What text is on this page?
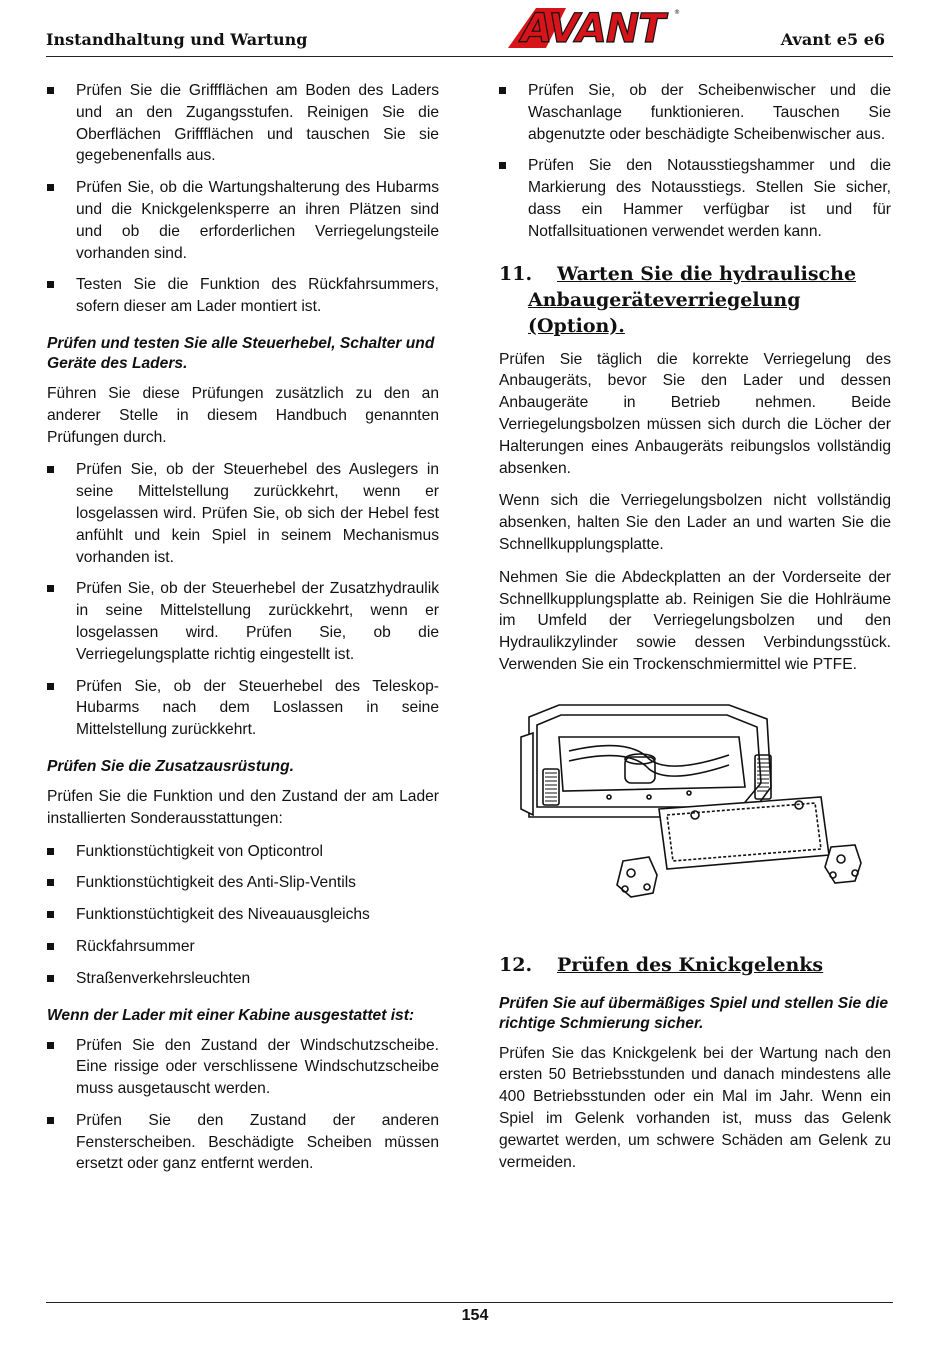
Instandhaltung und Wartung	AVANT	®
Avant e5 e6
Prüfen Sie die Griffflächen am Boden des Laders und an den Zugangsstufen. Reinigen Sie die Oberflächen Griffflächen und tauschen Sie sie gegebenenfalls aus.
Prüfen Sie, ob die Wartungshalterung des Hubarms und die Knickgelenksperre an ihren Plätzen sind und ob die erforderlichen Verriegelungsteile vorhanden sind.
Testen Sie die Funktion des Rückfahrsummers, sofern dieser am Lader montiert ist.
Prüfen und testen Sie alle Steuerhebel, Schalter und Geräte des Laders.

Führen Sie diese Prüfungen zusätzlich zu den an anderer Stelle in diesem Handbuch genannten Prüfungen durch.

Prüfen Sie, ob der Steuerhebel des Auslegers in seine Mittelstellung zurückkehrt, wenn er losgelassen wird. Prüfen Sie, ob sich der Hebel fest anfühlt und kein Spiel in seinem Mechanismus vorhanden ist.
Prüfen Sie, ob der Steuerhebel der Zusatzhydraulik in seine Mittelstellung zurückkehrt, wenn er losgelassen wird. Prüfen Sie, ob die Verriegelungsplatte richtig eingestellt ist.
Prüfen Sie, ob der Steuerhebel des Teleskop-Hubarms nach dem Loslassen in seine Mittelstellung zurückkehrt.
Prüfen Sie die Zusatzausrüstung.

Prüfen Sie die Funktion und den Zustand der am Lader installierten Sonderausstattungen:

Funktionstüchtigkeit von Opticontrol
Funktionstüchtigkeit des Anti-Slip-Ventils
Funktionstüchtigkeit des Niveauausgleichs
Rückfahrsummer
Straßenverkehrsleuchten
Wenn der Lader mit einer Kabine ausgestattet ist:
Prüfen Sie den Zustand der Windschutzscheibe. Eine rissige oder verschlissene Windschutzscheibe muss ausgetauscht werden.
Prüfen Sie den Zustand der anderen Fensterscheiben. Beschädigte Scheiben müssen ersetzt oder ganz entfernt werden.
Prüfen Sie, ob der Scheibenwischer und die Waschanlage funktionieren. Tauschen Sie abgenutzte oder beschädigte Scheibenwischer aus.
Prüfen Sie den Notausstiegshammer und die Markierung des Notausstiegs. Stellen Sie sicher, dass ein Hammer verfügbar ist und für Notfallsituationen verwendet werden kann.
11.	Warten Sie die hydraulische
Anbaugeräteverriegelung (Option).

Prüfen Sie täglich die korrekte Verriegelung des Anbaugeräts, bevor Sie den Lader und dessen Anbaugeräte in Betrieb nehmen. Beide Verriegelungsbolzen müssen sich durch die Löcher der Halterungen eines Anbaugeräts reibungslos vollständig absenken.

Wenn sich die Verriegelungsbolzen nicht vollständig absenken, halten Sie den Lader an und warten Sie die Schnellkupplungsplatte.

Nehmen Sie die Abdeckplatten an der Vorderseite der Schnellkupplungsplatte ab. Reinigen Sie die Hohlräume im Umfeld der Verriegelungsbolzen und den Hydraulikzylinder sowie dessen Verbindungsstück. Verwenden Sie ein Trockenschmiermittel wie PTFE.

12.	Prüfen des Knickgelenks
Prüfen Sie auf übermäßiges Spiel und stellen Sie die richtige Schmierung sicher.

Prüfen Sie das Knickgelenk bei der Wartung nach den ersten 50 Betriebsstunden und danach mindestens alle 400 Betriebsstunden oder ein Mal im Jahr. Wenn ein Spiel im Gelenk vorhanden ist, muss das Gelenk gewartet werden, um schwere Schäden am Gelenk zu vermeiden.

154
